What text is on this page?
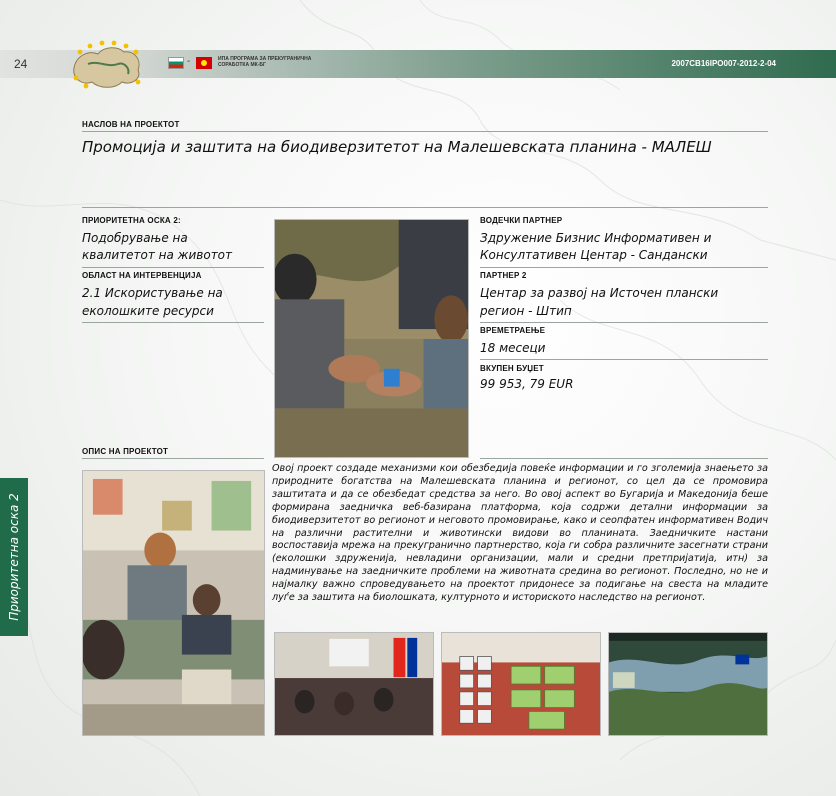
24	-	ИПА ПРОГРАМА ЗА ПРЕКУГРАНИЧНА СОРАБОТКА МК-БГ	2007CB16IPO007-2012-2-04
НАСЛОВ НА ПРОЕКТОТ
Промоција и заштита на биодиверзитетот на Малешевската планина - МАЛЕШ
ПРИОРИТЕТНА ОСКА 2:
Подобрување на
квалитетот на животот
ОБЛАСТ НА ИНТЕРВЕНЦИЈА
2.1 Искористување на
еколошките ресурси
ВОДЕЧКИ ПАРТНЕР
Здружение Бизнис Информативен и
Консултативен Центар - Сандански
ПАРТНЕР 2
Центар за развој на Источен плански
регион - Штип
ВРЕМЕТРАЕЊЕ
18 месеци
ВКУПЕН БУЏЕТ
99 953, 79 EUR
ОПИС НА ПРОЕКТОТ
Овој проект создаде механизми кои обезбедија повеќе информации и го зголемија знаењето за природните богатства на Малешевската планина и регионот, со цел да се промовира заштитата и да се обезбедат средства за него. Во овој аспект во Бугарија и Македонија беше формирана заедничка веб-базирана платформа, која содржи детални информации за биодиверзитетот во регионот и неговото промовирање, како и сеопфатен информативен Водич на различни растителни и животински видови во планината. Заедничките настани воспоставија мрежа на прекугранично партнерство, која ги собра различните засегнати страни (еколошки здруженија, невладини организации, мали и средни претпријатија, итн) за надминување на заедничките проблеми на животната средина во регионот. Последно, но не и најмалку важно спроведувањето на проектот придонесе за подигање на свеста на младите луѓе за заштита на биолошката, културното и историското наследство на регионот.
Приоритетна оска 2
